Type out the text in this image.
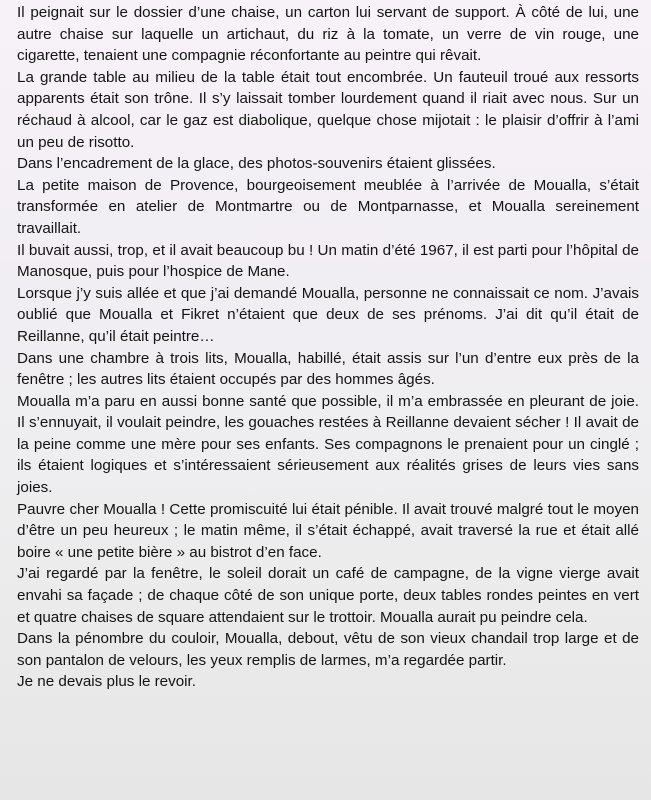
Il peignait sur le dossier d’une chaise, un carton lui servant de support. À côté de lui, une autre chaise sur laquelle un artichaut, du riz à la tomate, un verre de vin rouge, une cigarette, tenaient une compagnie réconfortante au peintre qui rêvait.

La grande table au milieu de la table était tout encombrée. Un fauteuil troué aux ressorts apparents était son trône. Il s’y laissait tomber lourdement quand il riait avec nous. Sur un réchaud à alcool, car le gaz est diabolique, quelque chose mijotait : le plaisir d’offrir à l’ami un peu de risotto.

Dans l’encadrement de la glace, des photos-souvenirs étaient glissées.

La petite maison de Provence, bourgeoisement meublée à l’arrivée de Moualla, s’était transformée en atelier de Montmartre ou de Montparnasse, et Moualla sereinement travaillait.

Il buvait aussi, trop, et il avait beaucoup bu ! Un matin d’été 1967, il est parti pour l’hôpital de Manosque, puis pour l’hospice de Mane.

Lorsque j’y suis allée et que j’ai demandé Moualla, personne ne connaissait ce nom. J’avais oublié que Moualla et Fikret n’étaient que deux de ses prénoms. J’ai dit qu’il était de Reillanne, qu’il était peintre…

Dans une chambre à trois lits, Moualla, habillé, était assis sur l’un d’entre eux près de la fenêtre ; les autres lits étaient occupés par des hommes âgés.

Moualla m’a paru en aussi bonne santé que possible, il m’a embrassée en pleurant de joie. Il s’ennuyait, il voulait peindre, les gouaches restées à Reillanne devaient sécher ! Il avait de la peine comme une mère pour ses enfants. Ses compagnons le prenaient pour un cinglé ; ils étaient logiques et s’intéressaient sérieusement aux réalités grises de leurs vies sans joies.

Pauvre cher Moualla ! Cette promiscuité lui était pénible. Il avait trouvé malgré tout le moyen d’être un peu heureux ; le matin même, il s’était échappé, avait traversé la rue et était allé boire « une petite bière » au bistrot d’en face.

J’ai regardé par la fenêtre, le soleil dorait un café de campagne, de la vigne vierge avait envahi sa façade ; de chaque côté de son unique porte, deux tables rondes peintes en vert et quatre chaises de square attendaient sur le trottoir. Moualla aurait pu peindre cela.

Dans la pénombre du couloir, Moualla, debout, vêtu de son vieux chandail trop large et de son pantalon de velours, les yeux remplis de larmes, m’a regardée partir.

Je ne devais plus le revoir.
